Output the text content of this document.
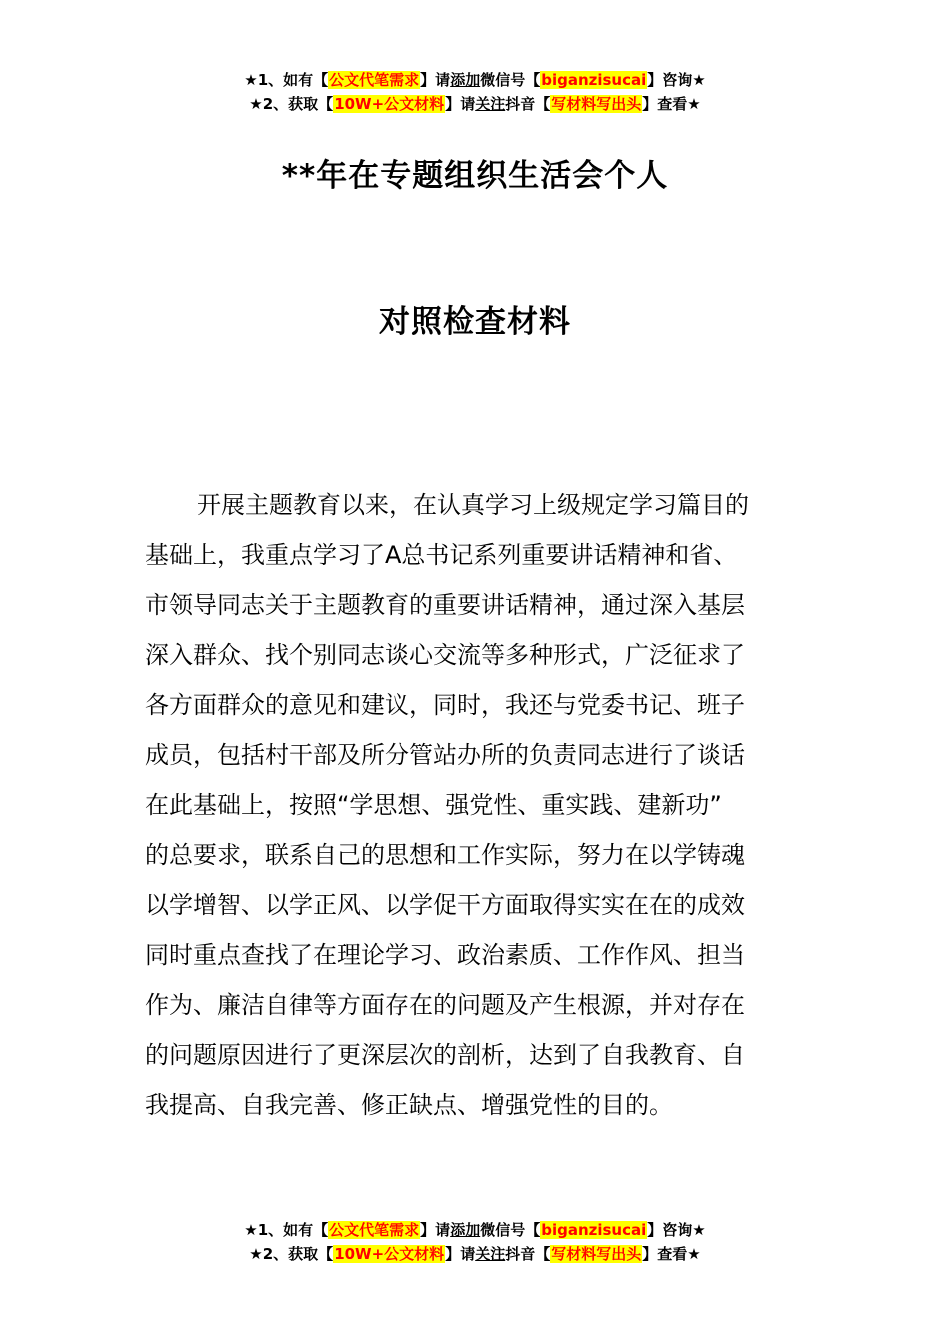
★1、如有【公文代笔需求】请添加微信号【biganzisucai】咨询★
★2、获取【10W+公文材料】请关注抖音【写材料写出头】查看★
**年在专题组织生活会个人
对照检查材料
开展主题教育以来，在认真学习上级规定学习篇目的
基础上，我重点学习了A总书记系列重要讲话精神和省、
市领导同志关于主题教育的重要讲话精神，通过深入基层
深入群众、找个别同志谈心交流等多种形式，广泛征求了
各方面群众的意见和建议，同时，我还与党委书记、班子
成员，包括村干部及所分管站办所的负责同志进行了谈话
在此基础上，按照“学思想、强党性、重实践、建新功”
的总要求，联系自己的思想和工作实际，努力在以学铸魂
以学增智、以学正风、以学促干方面取得实实在在的成效
同时重点查找了在理论学习、政治素质、工作作风、担当
作为、廉洁自律等方面存在的问题及产生根源，并对存在
的问题原因进行了更深层次的剖析，达到了自我教育、自
我提高、自我完善、修正缺点、增强党性的目的。
★1、如有【公文代笔需求】请添加微信号【biganzisucai】咨询★
★2、获取【10W+公文材料】请关注抖音【写材料写出头】查看★
